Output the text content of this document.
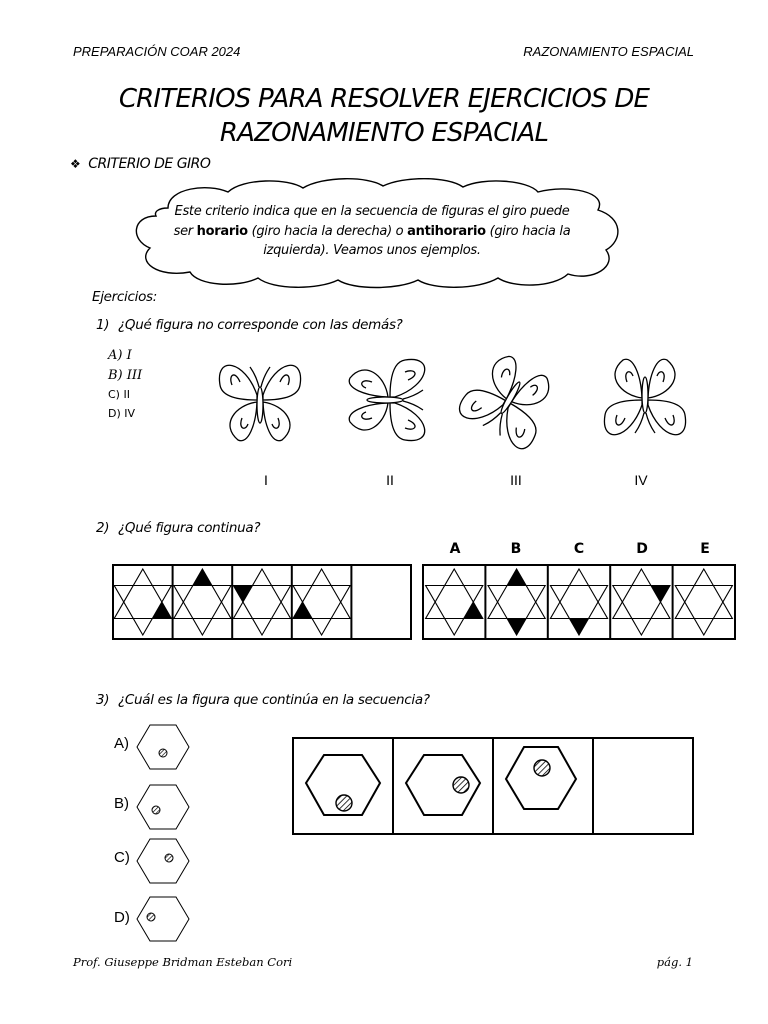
PREPARACIÓN COAR 2024	RAZONAMIENTO ESPACIAL
CRITERIOS PARA RESOLVER EJERCICIOS DE
RAZONAMIENTO ESPACIAL
❖ CRITERIO DE GIRO
Este criterio indica que en la secuencia de figuras el giro puede ser horario (giro hacia la derecha) o antihorario (giro hacia la izquierda). Veamos unos ejemplos.
Ejercicios:
1) ¿Qué figura no corresponde con las demás?
A) I
B) III
C) II
D) IV
I	II	III	IV
2) ¿Qué figura continua?
A	B	C	D	E
3) ¿Cuál es la figura que continúa en la secuencia?
A)
B)
C)
D)
Prof. Giuseppe Bridman Esteban Cori	pág. 1
